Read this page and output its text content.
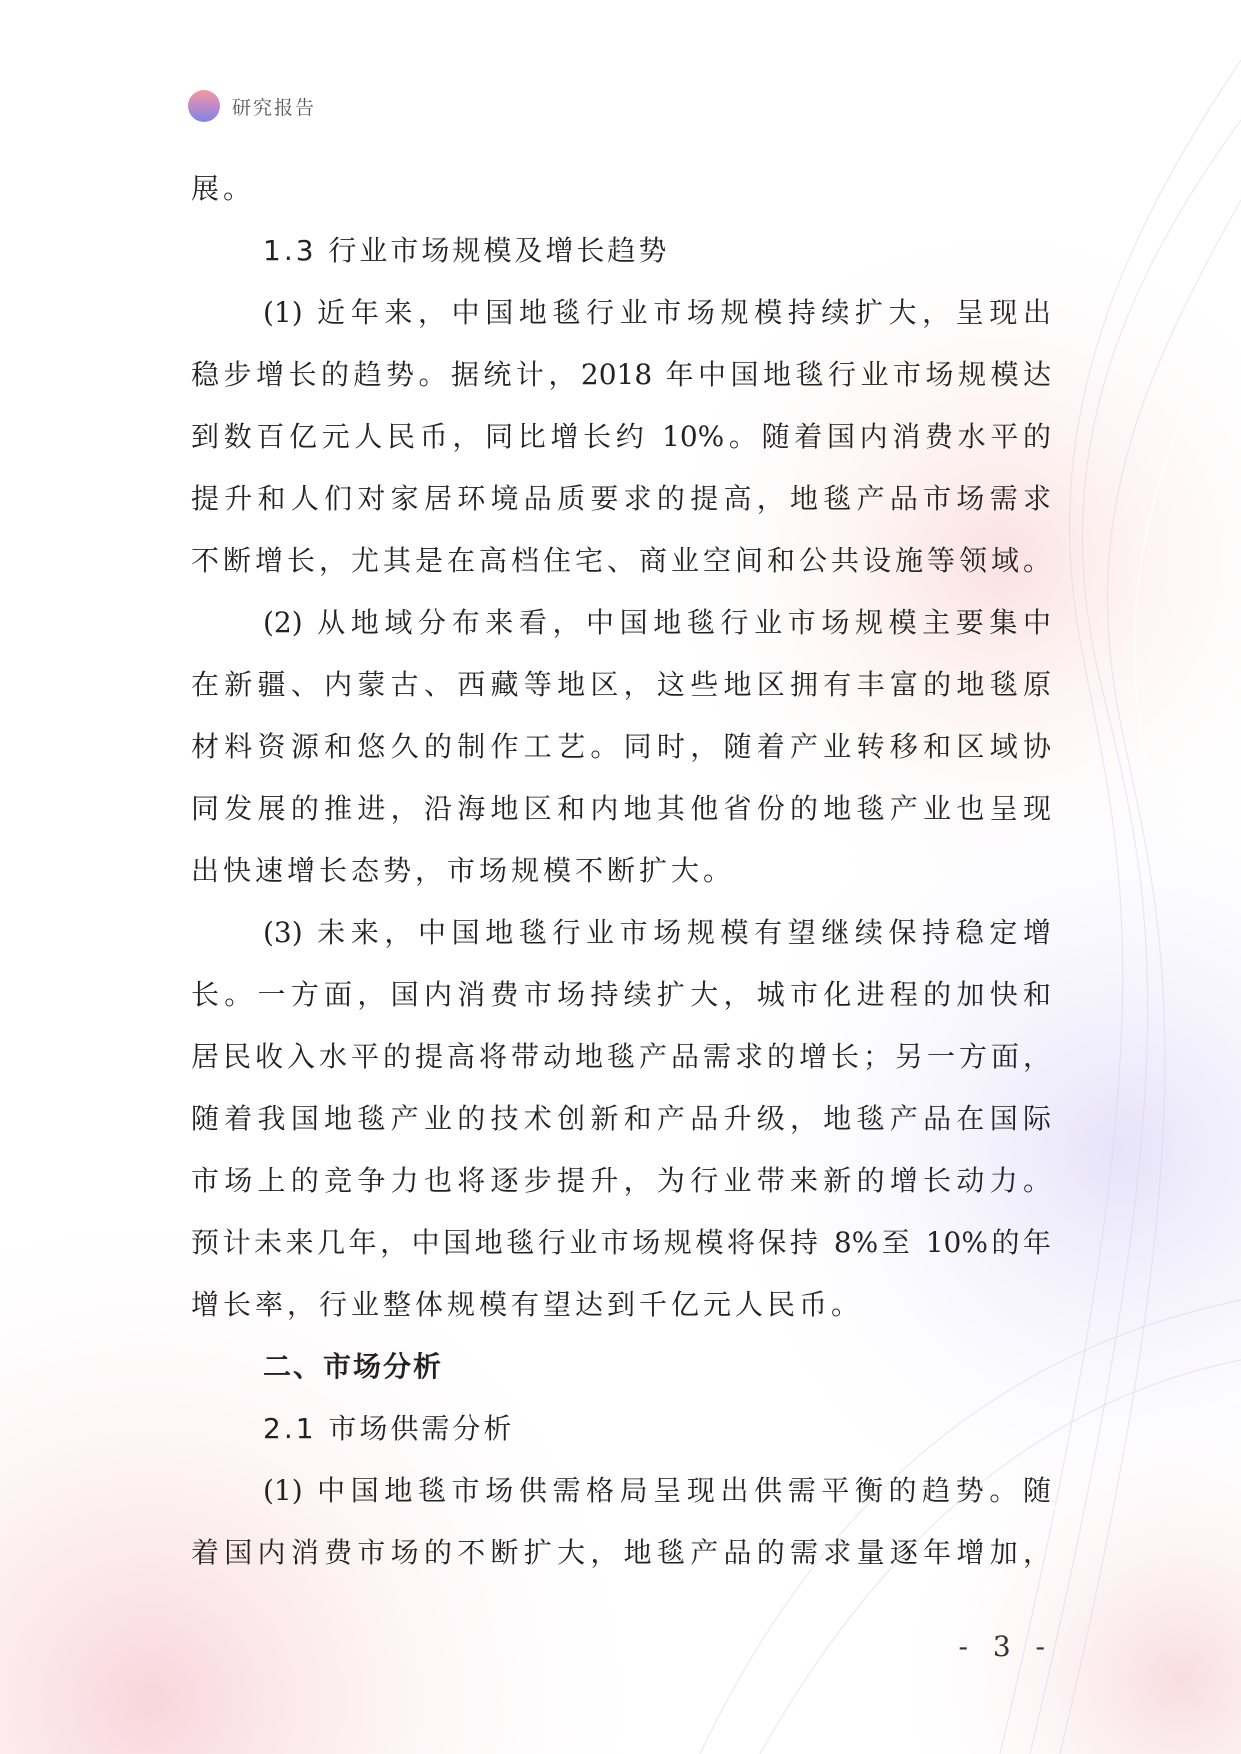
研究报告
展。
1.3 行业市场规模及增长趋势
(1) 近年来，中国地毯行业市场规模持续扩大，呈现出
稳步增长的趋势。据统计，2018 年中国地毯行业市场规模达
到数百亿元人民币，同比增长约 10%。随着国内消费水平的
提升和人们对家居环境品质要求的提高，地毯产品市场需求
不断增长，尤其是在高档住宅、商业空间和公共设施等领域。
(2) 从地域分布来看，中国地毯行业市场规模主要集中
在新疆、内蒙古、西藏等地区，这些地区拥有丰富的地毯原
材料资源和悠久的制作工艺。同时，随着产业转移和区域协
同发展的推进，沿海地区和内地其他省份的地毯产业也呈现
出快速增长态势，市场规模不断扩大。
(3) 未来，中国地毯行业市场规模有望继续保持稳定增
长。一方面，国内消费市场持续扩大，城市化进程的加快和
居民收入水平的提高将带动地毯产品需求的增长；另一方面，
随着我国地毯产业的技术创新和产品升级，地毯产品在国际
市场上的竞争力也将逐步提升，为行业带来新的增长动力。
预计未来几年，中国地毯行业市场规模将保持 8%至 10%的年
增长率，行业整体规模有望达到千亿元人民币。
二、市场分析
2.1 市场供需分析
(1) 中国地毯市场供需格局呈现出供需平衡的趋势。随
着国内消费市场的不断扩大，地毯产品的需求量逐年增加，
- 3 -
